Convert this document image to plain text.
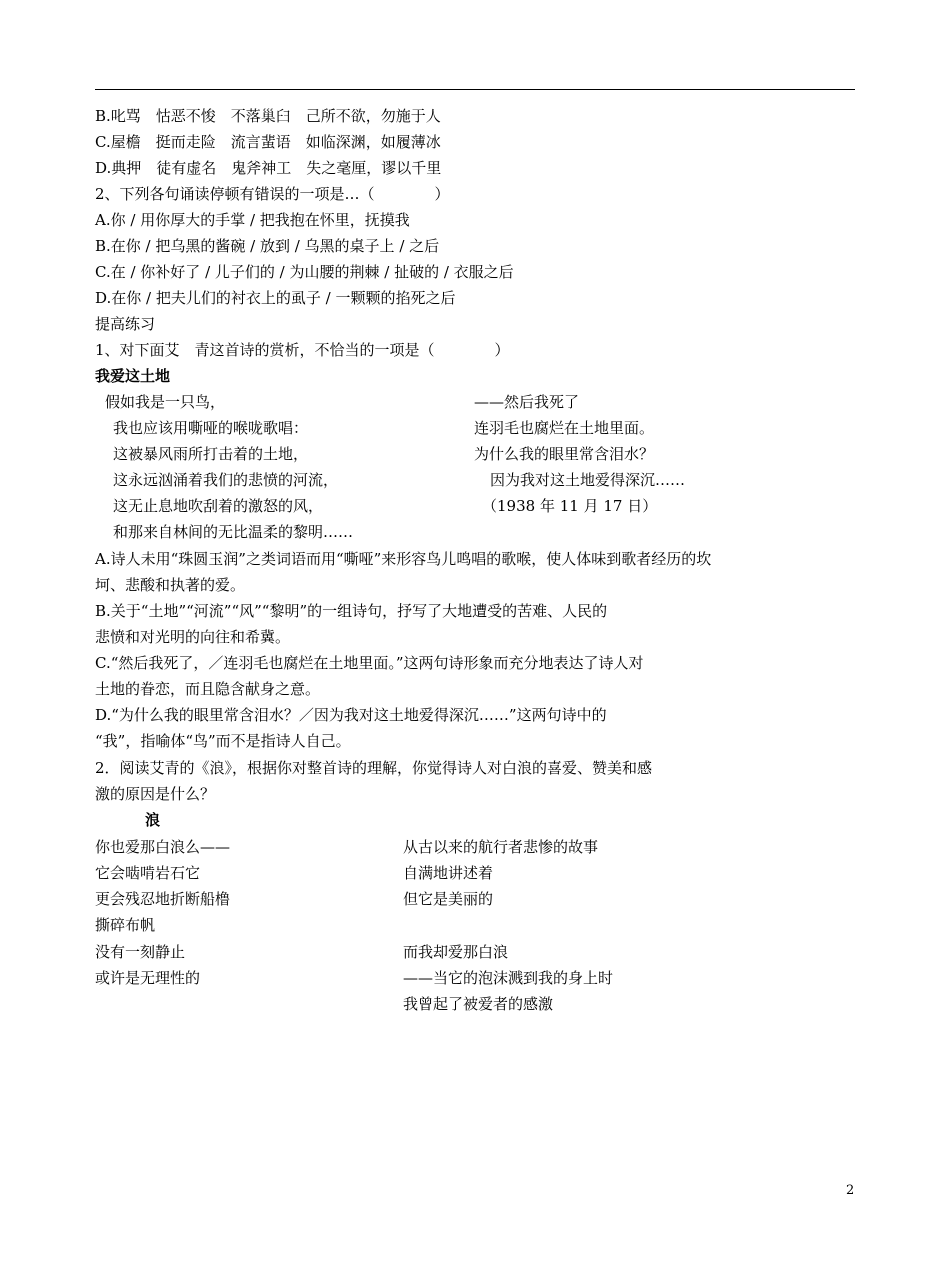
B.叱骂　怙恶不悛　不落巢臼　己所不欲，勿施于人
C.屋檐　挺而走险　流言蜚语　如临深渊，如履薄冰
D.典押　徒有虚名　鬼斧神工　失之毫厘，谬以千里
2、下列各句诵读停顿有错误的一项是…（　　　　）
A.你 / 用你厚大的手掌 / 把我抱在怀里，抚摸我
B.在你 / 把乌黑的酱碗 / 放到 / 乌黑的桌子上 / 之后
C.在 / 你补好了 / 儿子们的 / 为山腰的荆棘 / 扯破的 / 衣服之后
D.在你 / 把夫儿们的衬衣上的虱子 / 一颗颗的掐死之后
提高练习
1、对下面艾　青这首诗的赏析，不恰当的一项是（　　　　）
我爱这土地
假如我是一只鸟，
我也应该用嘶哑的喉咙歌唱：
这被暴风雨所打击着的土地，
这永远汹涌着我们的悲愤的河流，
这无止息地吹刮着的激怒的风，
和那来自林间的无比温柔的黎明……
——然后我死了
连羽毛也腐烂在土地里面。
为什么我的眼里常含泪水？
因为我对这土地爱得深沉……
（1938 年 11 月 17 日）
A.诗人未用“珠圆玉润”之类词语而用“嘶哑”来形容鸟儿鸣唱的歌喉，使人体味到歌者经历的坎
坷、悲酸和执著的爱。
B.关于“土地”“河流”“风”“黎明”的一组诗句，抒写了大地遭受的苦难、人民的
悲愤和对光明的向往和希冀。
C.“然后我死了，／连羽毛也腐烂在土地里面。”这两句诗形象而充分地表达了诗人对
土地的眷恋，而且隐含献身之意。
D.“为什么我的眼里常含泪水？／因为我对这土地爱得深沉……”这两句诗中的
“我”，指喻体“鸟”而不是指诗人自己。
2．阅读艾青的《浪》，根据你对整首诗的理解，你觉得诗人对白浪的喜爱、赞美和感
激的原因是什么？
浪
你也爱那白浪么——
它会啮啃岩石它
更会残忍地折断船橹
撕碎布帆
没有一刻静止
或许是无理性的
从古以来的航行者悲惨的故事
自满地讲述着
但它是美丽的
而我却爱那白浪
——当它的泡沫溅到我的身上时
我曾起了被爱者的感激
2
